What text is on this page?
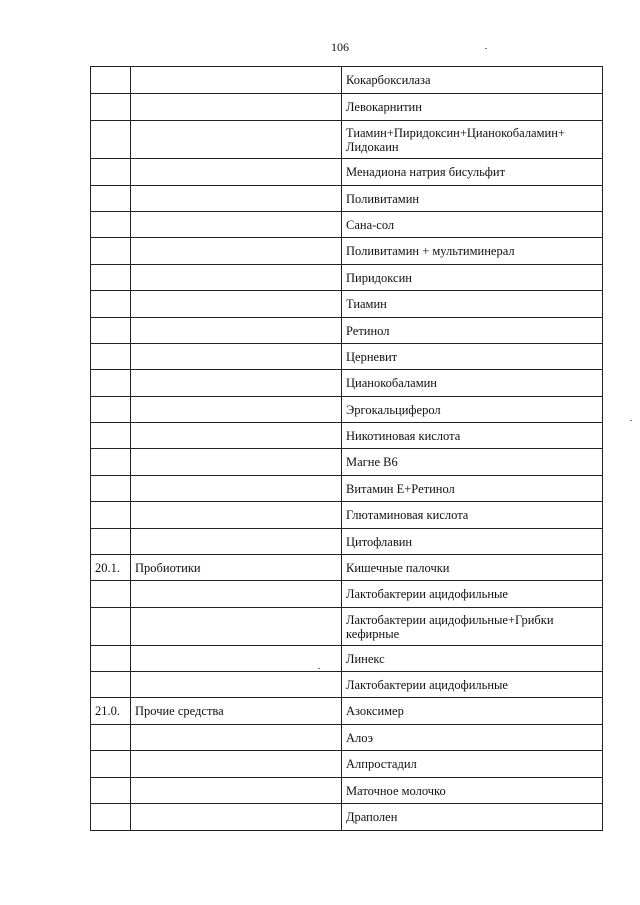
106
		Кокарбоксилаза
		Левокарнитин
		Тиамин+Пиридоксин+Цианокобаламин+ Лидокаин
		Менадиона натрия бисульфит
		Поливитамин
		Сана-сол
		Поливитамин + мультиминерал
		Пиридоксин
		Тиамин
		Ретинол
		Церневит
		Цианокобаламин
		Эргокальциферол
		Никотиновая кислота
		Магне В6
		Витамин Е+Ретинол
		Глютаминовая кислота
		Цитофлавин
20.1.	Пробиотики	Кишечные палочки
		Лактобактерии ацидофильные
		Лактобактерии ацидофильные+Грибки кефирные
		Линекс
		Лактобактерии ацидофильные
21.0.	Прочие средства	Азоксимер
		Алоэ
		Алпростадил
		Маточное молочко
		Драполен
